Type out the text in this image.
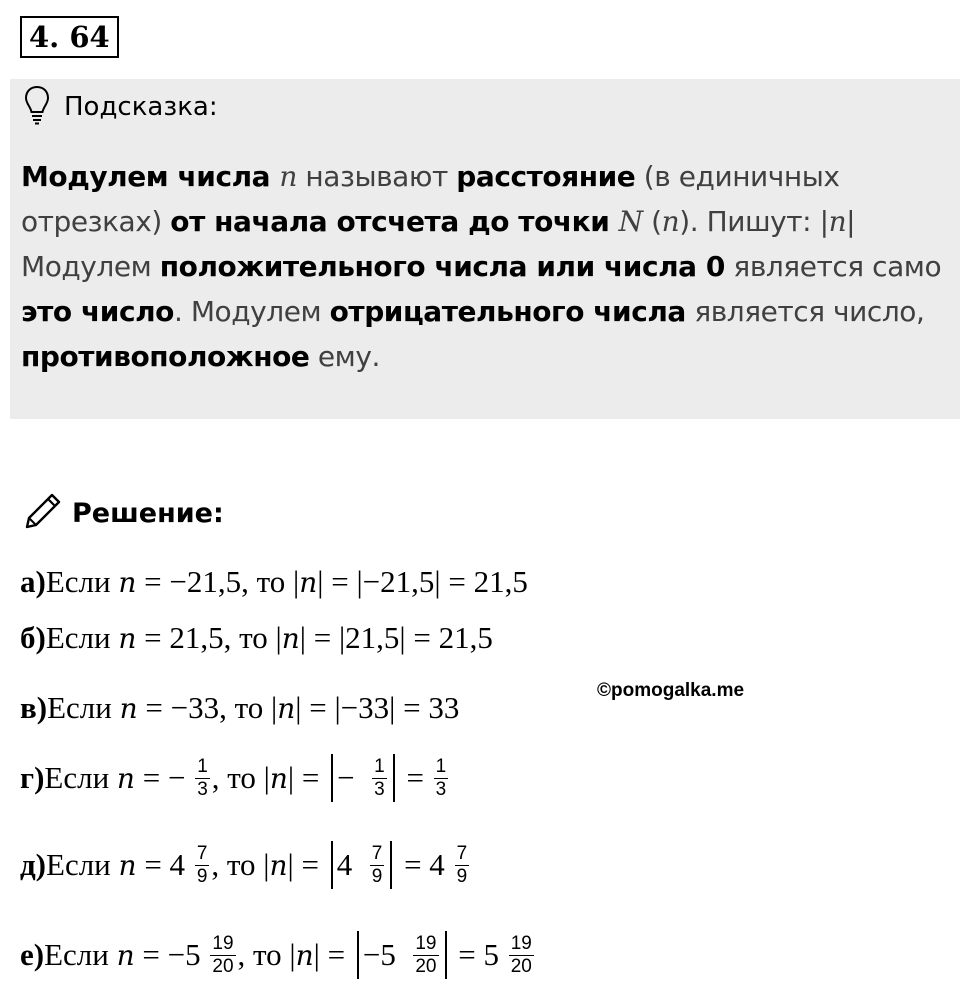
4. 64
Подсказка:
Модулем числа n называют расстояние (в единичных отрезках) от начала отсчета до точки N (n). Пишут: |n|
Модулем положительного числа или числа 0 является само это число. Модулем отрицательного числа является число, противоположное ему.
Решение:
а) Если n = −21,5, то | n | = |−21,5| = 21,5
б) Если n = 21,5, то | n | = |21,5| = 21,5
в) Если n = −33, то | n | = |−33| = 33
г) Если n = − $\frac{1}{3}$ , то | n | = − $\frac{1}{3} = \frac{1}{3}$
д) Если $n = 4 \frac{7}{9}$ , то | n | = $4 \frac{7}{9} = 4 \frac{7}{9}$
е) Если $n = -5 \frac{19}{20}$ , то | n | = $-5 \frac{19}{20} = 5 \frac{19}{20}$
©pomogalka.me
